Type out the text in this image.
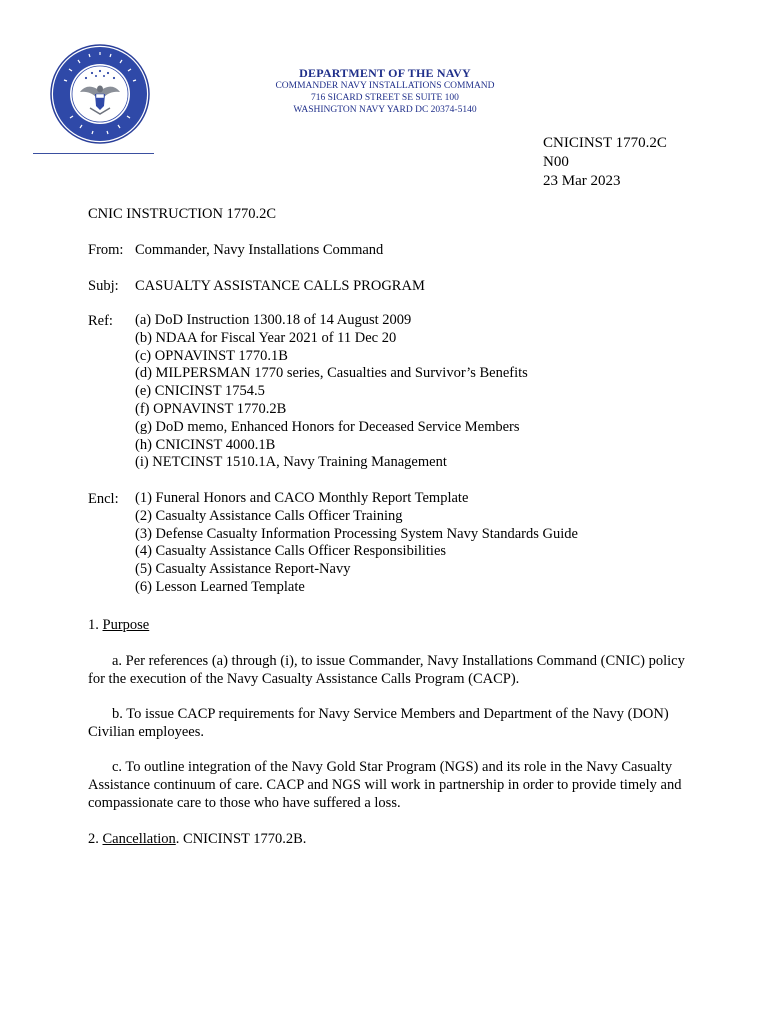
DEPARTMENT OF THE NAVY
COMMANDER NAVY INSTALLATIONS COMMAND
716 SICARD STREET SE SUITE 100
WASHINGTON NAVY YARD DC 20374-5140
CNICINST 1770.2C
N00
23 Mar 2023
CNIC INSTRUCTION 1770.2C
From: Commander, Navy Installations Command
Subj: CASUALTY ASSISTANCE CALLS PROGRAM
Ref: (a) DoD Instruction 1300.18 of 14 August 2009
(b) NDAA for Fiscal Year 2021 of 11 Dec 20
(c) OPNAVINST 1770.1B
(d) MILPERSMAN 1770 series, Casualties and Survivor’s Benefits
(e) CNICINST 1754.5
(f) OPNAVINST 1770.2B
(g) DoD memo, Enhanced Honors for Deceased Service Members
(h) CNICINST 4000.1B
(i) NETCINST 1510.1A, Navy Training Management
Encl: (1) Funeral Honors and CACO Monthly Report Template
(2) Casualty Assistance Calls Officer Training
(3) Defense Casualty Information Processing System Navy Standards Guide
(4) Casualty Assistance Calls Officer Responsibilities
(5) Casualty Assistance Report-Navy
(6) Lesson Learned Template
1. Purpose
a. Per references (a) through (i), to issue Commander, Navy Installations Command (CNIC) policy for the execution of the Navy Casualty Assistance Calls Program (CACP).
b. To issue CACP requirements for Navy Service Members and Department of the Navy (DON) Civilian employees.
c. To outline integration of the Navy Gold Star Program (NGS) and its role in the Navy Casualty Assistance continuum of care. CACP and NGS will work in partnership in order to provide timely and compassionate care to those who have suffered a loss.
2. Cancellation. CNICINST 1770.2B.
